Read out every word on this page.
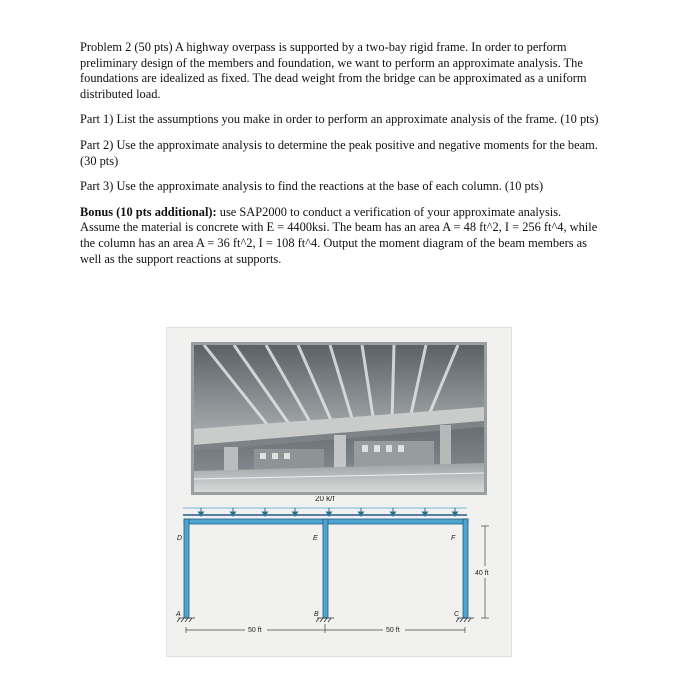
Problem 2 (50 pts) A highway overpass is supported by a two-bay rigid frame. In order to perform preliminary design of the members and foundation, we want to perform an approximate analysis. The foundations are idealized as fixed. The dead weight from the bridge can be approximated as a uniform distributed load.

Part 1) List the assumptions you make in order to perform an approximate analysis of the frame. (10 pts)

Part 2) Use the approximate analysis to determine the peak positive and negative moments for the beam. (30 pts)

Part 3) Use the approximate analysis to find the reactions at the base of each column. (10 pts)

Bonus (10 pts additional): use SAP2000 to conduct a verification of your approximate analysis. Assume the material is concrete with E = 4400ksi. The beam has an area A = 48 ft^2, I = 256 ft^4, while the column has an area A = 36 ft^2, I = 108 ft^4. Output the moment diagram of the beam members as well as the support reactions at supports.

20 k/f
D	E	F
A	B	C
40 ft
50 ft	50 ft
